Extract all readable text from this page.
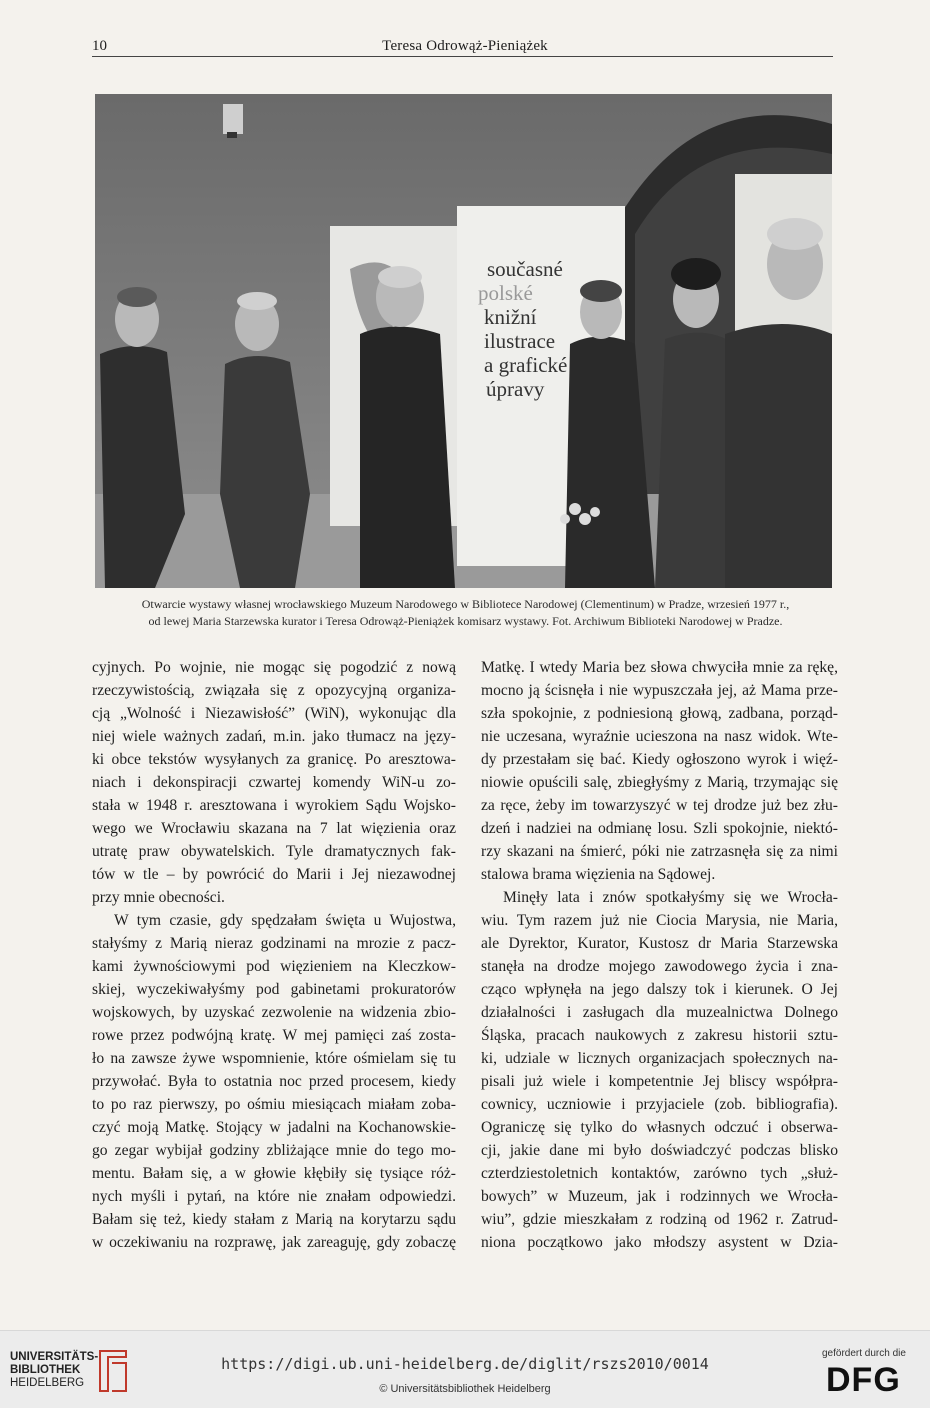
10	Teresa Odrowąż-Pieniążek
současné
polské
knižní
ilustrace
a grafické
úpravy
Otwarcie wystawy własnej wrocławskiego Muzeum Narodowego w Bibliotece Narodowej (Clementinum) w Pradze, wrzesień 1977 r.,
od lewej Maria Starzewska kurator i Teresa Odrowąż-Pieniążek komisarz wystawy. Fot. Archiwum Biblioteki Narodowej w Pradze.
cyjnych. Po wojnie, nie mogąc się pogodzić z nową
rzeczywistością, związała się z opozycyjną organiza-
cją „Wolność i Niezawisłość” (WiN), wykonując dla
niej wiele ważnych zadań, m.in. jako tłumacz na języ-
ki obce tekstów wysyłanych za granicę. Po aresztowa-
niach i dekonspiracji czwartej komendy WiN-u zo-
stała w 1948 r. aresztowana i wyrokiem Sądu Wojsko-
wego we Wrocławiu skazana na 7 lat więzienia oraz
utratę praw obywatelskich. Tyle dramatycznych fak-
tów w tle – by powrócić do Marii i Jej niezawodnej
przy mnie obecności.
W tym czasie, gdy spędzałam święta u Wujostwa,
stałyśmy z Marią nieraz godzinami na mrozie z pacz-
kami żywnościowymi pod więzieniem na Kleczkow-
skiej, wyczekiwałyśmy pod gabinetami prokuratorów
wojskowych, by uzyskać zezwolenie na widzenia zbio-
rowe przez podwójną kratę. W mej pamięci zaś zosta-
ło na zawsze żywe wspomnienie, które ośmielam się tu
przywołać. Była to ostatnia noc przed procesem, kiedy
to po raz pierwszy, po ośmiu miesiącach miałam zoba-
czyć moją Matkę. Stojący w jadalni na Kochanowskie-
go zegar wybijał godziny zbliżające mnie do tego mo-
mentu. Bałam się, a w głowie kłębiły się tysiące róż-
nych myśli i pytań, na które nie znałam odpowiedzi.
Bałam się też, kiedy stałam z Marią na korytarzu sądu
w oczekiwaniu na rozprawę, jak zareaguję, gdy zobaczę
Matkę. I wtedy Maria bez słowa chwyciła mnie za rękę,
mocno ją ścisnęła i nie wypuszczała jej, aż Mama prze-
szła spokojnie, z podniesioną głową, zadbana, porząd-
nie uczesana, wyraźnie ucieszona na nasz widok. Wte-
dy przestałam się bać. Kiedy ogłoszono wyrok i więź-
niowie opuścili salę, zbiegłyśmy z Marią, trzymając się
za ręce, żeby im towarzyszyć w tej drodze już bez złu-
dzeń i nadziei na odmianę losu. Szli spokojnie, niektó-
rzy skazani na śmierć, póki nie zatrzasnęła się za nimi
stalowa brama więzienia na Sądowej.
Minęły lata i znów spotkałyśmy się we Wrocła-
wiu. Tym razem już nie Ciocia Marysia, nie Maria,
ale Dyrektor, Kurator, Kustosz dr Maria Starzewska
stanęła na drodze mojego zawodowego życia i zna-
cząco wpłynęła na jego dalszy tok i kierunek. O Jej
działalności i zasługach dla muzealnictwa Dolnego
Śląska, pracach naukowych z zakresu historii sztu-
ki, udziale w licznych organizacjach społecznych na-
pisali już wiele i kompetentnie Jej bliscy współpra-
cownicy, uczniowie i przyjaciele (zob. bibliografia).
Ograniczę się tylko do własnych odczuć i obserwa-
cji, jakie dane mi było doświadczyć podczas blisko
czterdziestoletnich kontaktów, zarówno tych „służ-
bowych” w Muzeum, jak i rodzinnych we Wrocła-
wiu”, gdzie mieszkałam z rodziną od 1962 r. Zatrud-
niona początkowo jako młodszy asystent w Dzia-
UNIVERSITÄTS-
BIBLIOTHEK
HEIDELBERG
https://digi.ub.uni-heidelberg.de/diglit/rszs2010/0014
© Universitätsbibliothek Heidelberg
gefördert durch die
DFG
